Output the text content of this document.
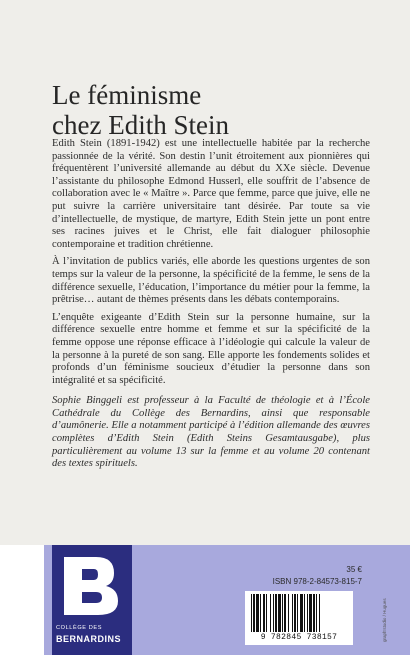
Le féminisme
chez Edith Stein

Edith Stein (1891-1942) est une intellectuelle habitée par la recherche passionnée de la vérité. Son destin l’unit étroitement aux pionnières qui fréquentèrent l’université allemande au début du XXe siècle. Devenue l’assistante du philosophe Edmond Husserl, elle souffrit de l’absence de collaboration avec le « Maître ». Parce que femme, parce que juive, elle ne put suivre la carrière universitaire tant désirée. Par toute sa vie d’intellectuelle, de mystique, de martyre, Edith Stein jette un pont entre ses racines juives et le Christ, elle fait dialoguer philosophie contemporaine et tradition chrétienne.

À l’invitation de publics variés, elle aborde les questions urgentes de son temps sur la valeur de la personne, la spécificité de la femme, le sens de la différence sexuelle, l’éducation, l’importance du métier pour la femme, la prêtrise… autant de thèmes présents dans les débats contemporains.

L’enquête exigeante d’Edith Stein sur la personne humaine, sur la différence sexuelle entre homme et femme et sur la spécificité de la femme oppose une réponse efficace à l’idéologie qui calcule la valeur de la personne à la pureté de son sang. Elle apporte les fondements solides et profonds d’un féminisme soucieux d’étudier la personne dans son intégralité et sa spécificité.

Sophie Binggeli est professeur à la Faculté de théologie et à l’École Cathédrale du Collège des Bernardins, ainsi que responsable d’aumônerie. Elle a notamment participé à l’édition allemande des œuvres complètes d’Edith Stein (Edith Steins Gesamtausgabe), plus particulièrement au volume 13 sur la femme et au volume 20 contenant des textes spirituels.

COLLÈGE DES
BERNARDINS
35 €
ISBN 978-2-84573-815-7
9 782845 738157	graph'studio / Hugues
